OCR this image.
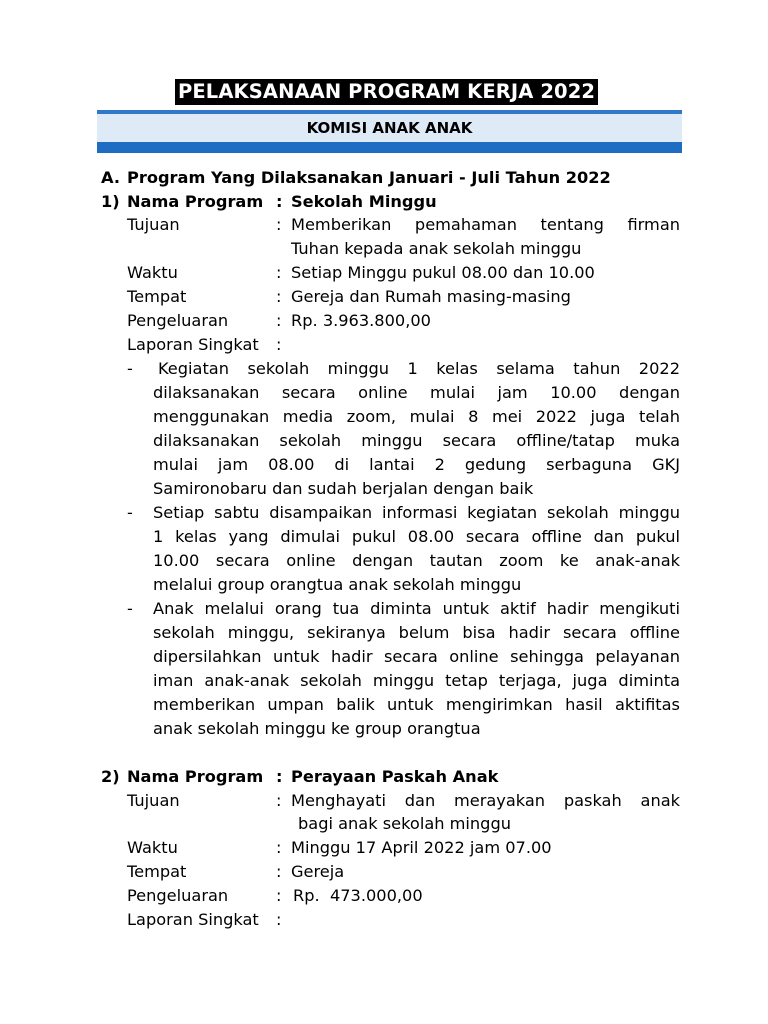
PELAKSANAAN PROGRAM KERJA 2022
KOMISI ANAK ANAK
A. Program Yang Dilaksanakan Januari - Juli Tahun 2022
1) Nama Program : Sekolah Minggu
Tujuan	: Memberikan pemahaman tentang firman
Tuhan kepada anak sekolah minggu
Waktu	: Setiap Minggu pukul 08.00 dan 10.00
Tempat	: Gereja dan Rumah masing-masing
Pengeluaran	: Rp. 3.963.800,00
Laporan Singkat :
-	Kegiatan sekolah minggu 1 kelas selama tahun 2022
dilaksanakan secara online mulai jam 10.00 dengan
menggunakan media zoom, mulai 8 mei 2022 juga telah
dilaksanakan sekolah minggu secara offline/tatap muka
mulai jam 08.00 di lantai 2 gedung serbaguna GKJ
Samironobaru dan sudah berjalan dengan baik
- Setiap sabtu disampaikan informasi kegiatan sekolah minggu
1 kelas yang dimulai pukul 08.00 secara offline dan pukul
10.00 secara online dengan tautan zoom ke anak-anak
melalui group orangtua anak sekolah minggu
- Anak melalui orang tua diminta untuk aktif hadir mengikuti
sekolah minggu, sekiranya belum bisa hadir secara offline
dipersilahkan untuk hadir secara online sehingga pelayanan
iman anak-anak sekolah minggu tetap terjaga, juga diminta
memberikan umpan balik untuk mengirimkan hasil aktifitas
anak sekolah minggu ke group orangtua
2) Nama Program : Perayaan Paskah Anak
Tujuan	: Menghayati dan merayakan paskah anak
bagi anak sekolah minggu
Waktu	: Minggu 17 April 2022 jam 07.00
Tempat	: Gereja
Pengeluaran	: Rp.  473.000,00
Laporan Singkat :
